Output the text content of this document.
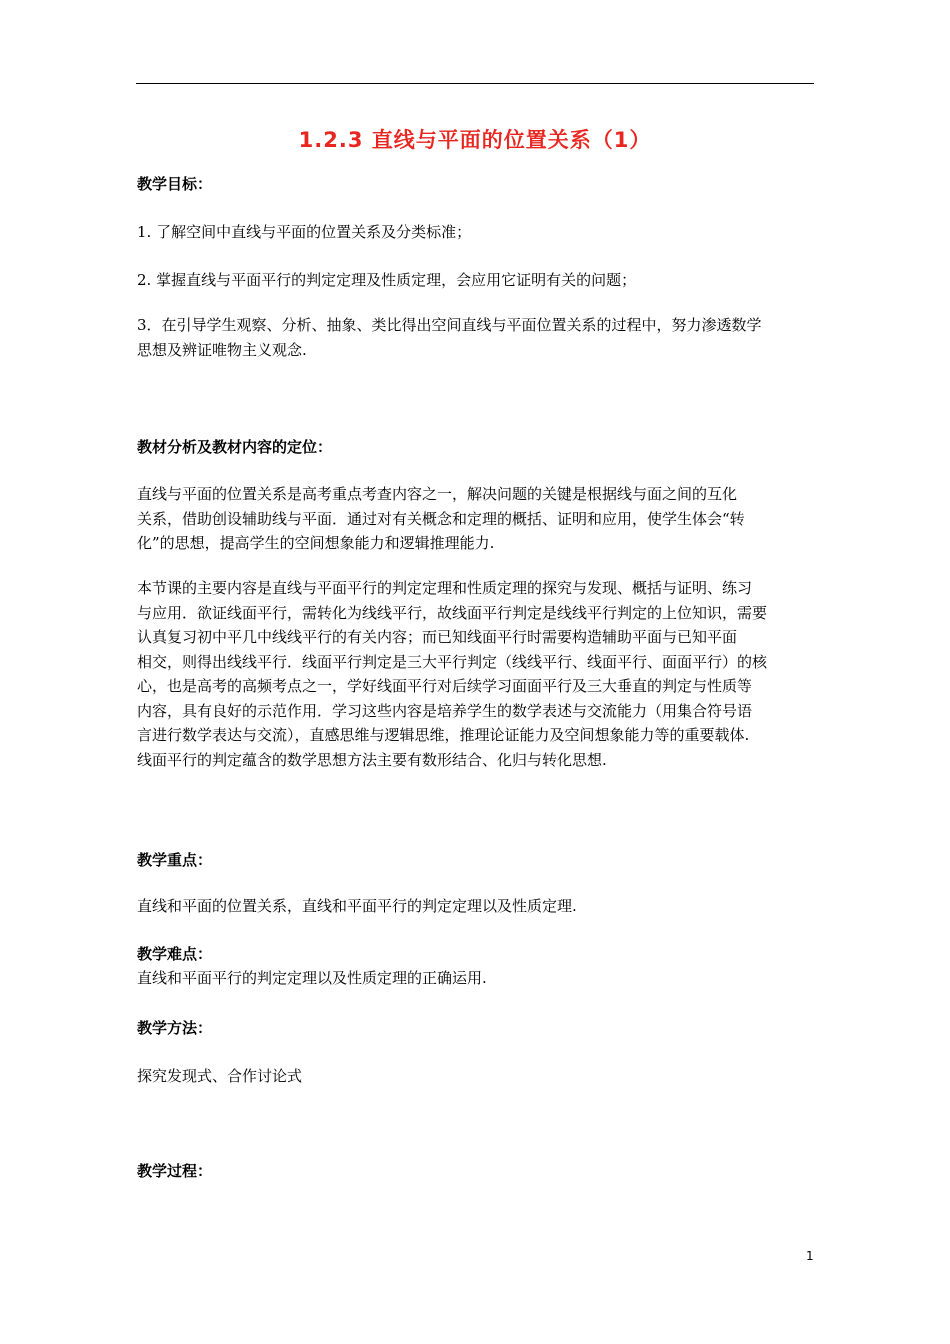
1.2.3 直线与平面的位置关系（1）
教学目标：
1. 了解空间中直线与平面的位置关系及分类标准；
2. 掌握直线与平面平行的判定定理及性质定理，会应用它证明有关的问题；
3．在引导学生观察、分析、抽象、类比得出空间直线与平面位置关系的过程中，努力渗透数学
思想及辨证唯物主义观念.
教材分析及教材内容的定位：
直线与平面的位置关系是高考重点考查内容之一，解决问题的关键是根据线与面之间的互化
关系，借助创设辅助线与平面．通过对有关概念和定理的概括、证明和应用，使学生体会“转
化”的思想，提高学生的空间想象能力和逻辑推理能力.
本节课的主要内容是直线与平面平行的判定定理和性质定理的探究与发现、概括与证明、练习
与应用．欲证线面平行，需转化为线线平行，故线面平行判定是线线平行判定的上位知识，需要
认真复习初中平几中线线平行的有关内容；而已知线面平行时需要构造辅助平面与已知平面
相交，则得出线线平行．线面平行判定是三大平行判定（线线平行、线面平行、面面平行）的核
心，也是高考的高频考点之一，学好线面平行对后续学习面面平行及三大垂直的判定与性质等
内容，具有良好的示范作用．学习这些内容是培养学生的数学表述与交流能力（用集合符号语
言进行数学表达与交流），直感思维与逻辑思维，推理论证能力及空间想象能力等的重要载体.
线面平行的判定蕴含的数学思想方法主要有数形结合、化归与转化思想.
教学重点：
直线和平面的位置关系，直线和平面平行的判定定理以及性质定理.
教学难点：
直线和平面平行的判定定理以及性质定理的正确运用.
教学方法：
探究发现式、合作讨论式
教学过程：
1
